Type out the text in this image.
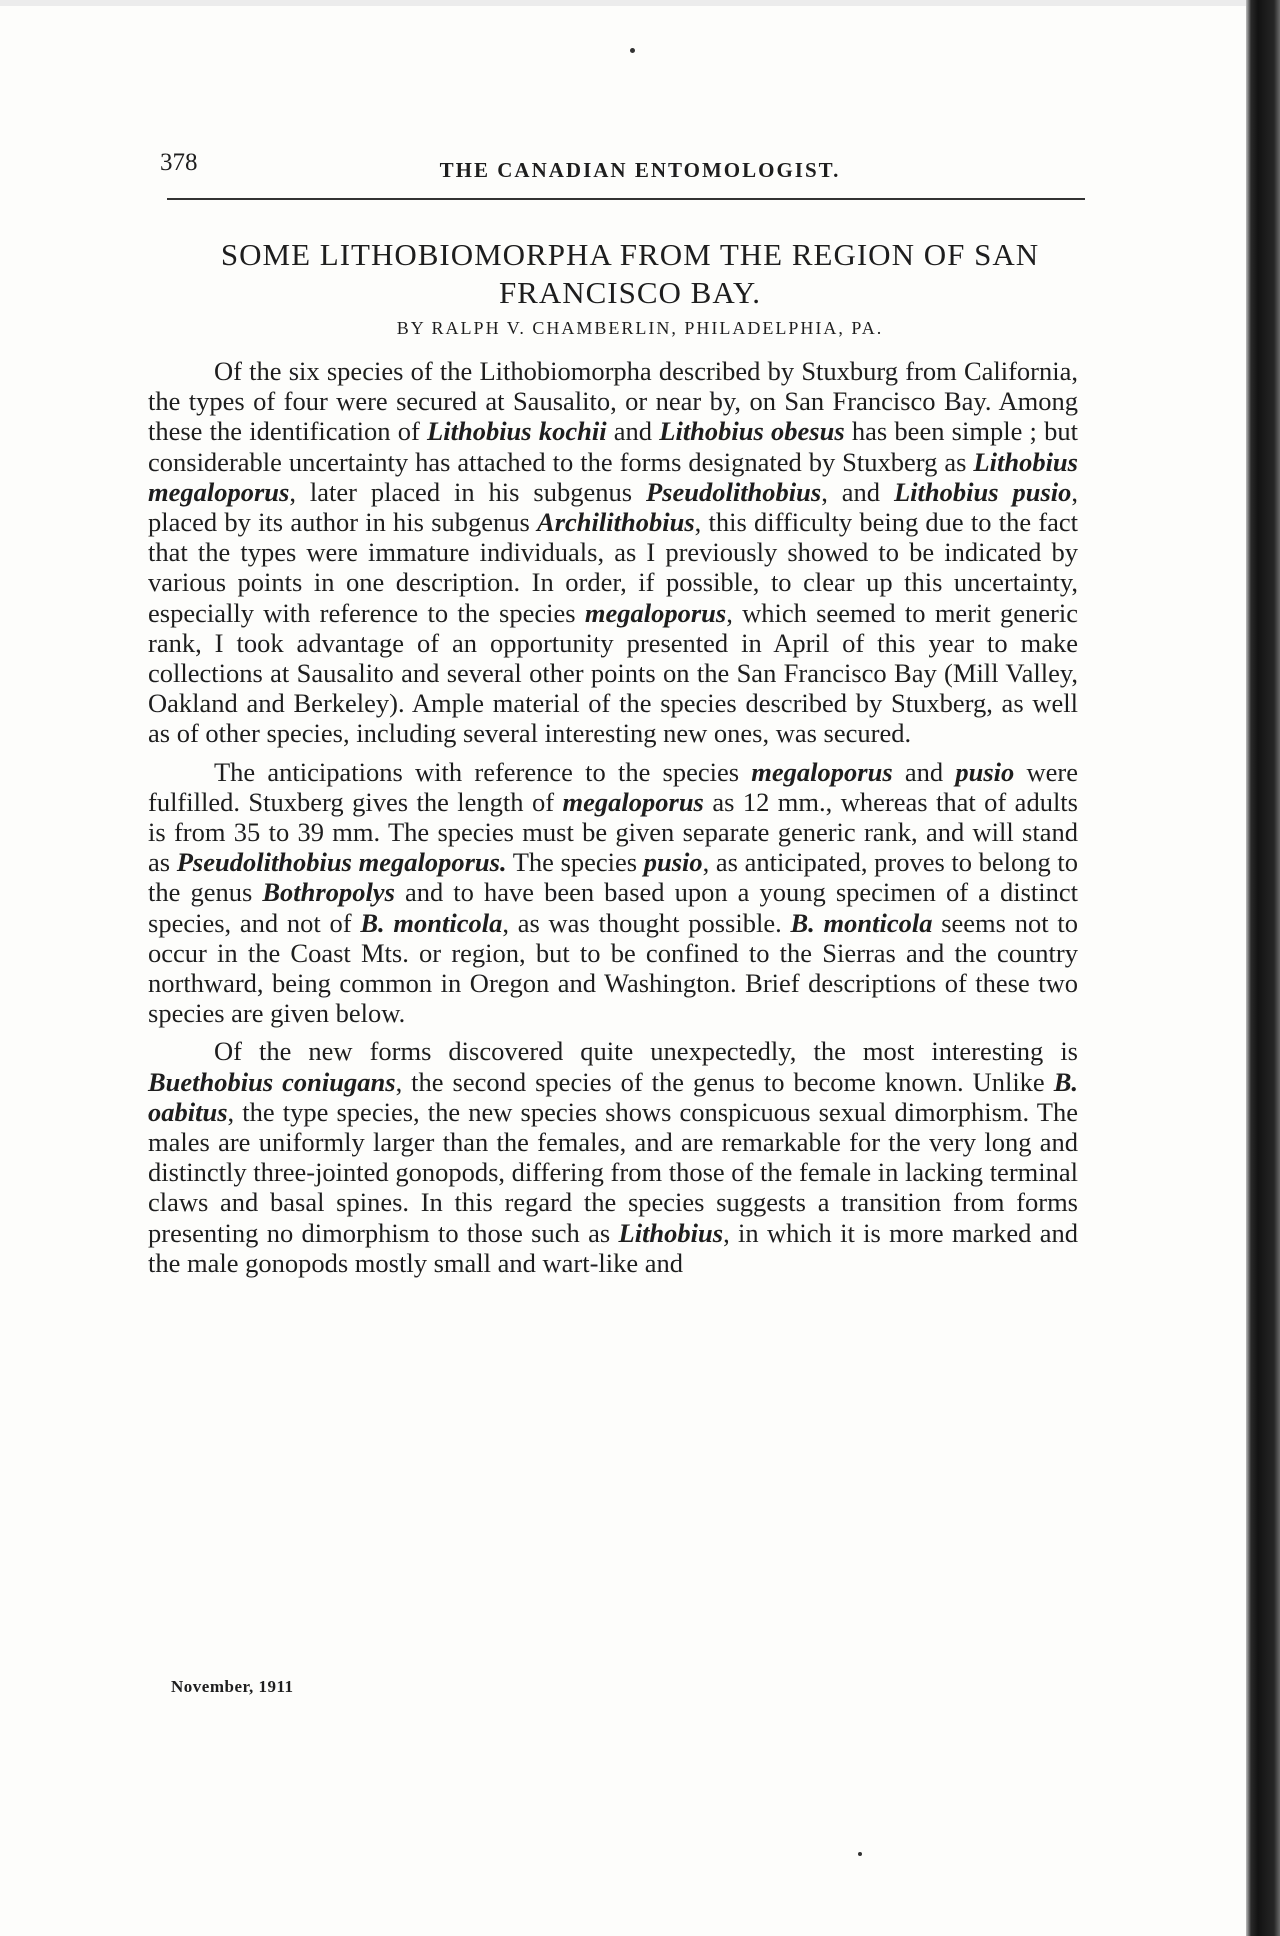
378	THE CANADIAN ENTOMOLOGIST.
SOME LITHOBIOMORPHA FROM THE REGION OF SAN
FRANCISCO BAY.
BY RALPH V. CHAMBERLIN, PHILADELPHIA, PA.

Of the six species of the Lithobiomorpha described by Stuxburg from California, the types of four were secured at Sausalito, or near by, on San Francisco Bay. Among these the identification of Lithobius kochii and Lithobius obesus has been simple ; but considerable uncertainty has attached to the forms designated by Stuxberg as Lithobius megaloporus, later placed in his subgenus Pseudolithobius, and Lithobius pusio, placed by its author in his subgenus Archilithobius, this difficulty being due to the fact that the types were immature individuals, as I previously showed to be indicated by various points in one description. In order, if possible, to clear up this uncertainty, especially with reference to the species megaloporus, which seemed to merit generic rank, I took advantage of an opportunity presented in April of this year to make collections at Sausalito and several other points on the San Francisco Bay (Mill Valley, Oakland and Berkeley). Ample material of the species described by Stuxberg, as well as of other species, including several interesting new ones, was secured.

The anticipations with reference to the species megaloporus and pusio were fulfilled. Stuxberg gives the length of megaloporus as 12 mm., whereas that of adults is from 35 to 39 mm. The species must be given separate generic rank, and will stand as Pseudolithobius megaloporus. The species pusio, as anticipated, proves to belong to the genus Bothropolys and to have been based upon a young specimen of a distinct species, and not of B. monticola, as was thought possible. B. monticola seems not to occur in the Coast Mts. or region, but to be confined to the Sierras and the country northward, being common in Oregon and Washington. Brief descriptions of these two species are given below.

Of the new forms discovered quite unexpectedly, the most interesting is Buethobius coniugans, the second species of the genus to become known. Unlike B. oabitus, the type species, the new species shows conspicuous sexual dimorphism. The males are uniformly larger than the females, and are remarkable for the very long and distinctly three-jointed gonopods, differing from those of the female in lacking terminal claws and basal spines. In this regard the species suggests a transition from forms presenting no dimorphism to those such as Lithobius, in which it is more marked and the male gonopods mostly small and wart-like and

November, 1911
